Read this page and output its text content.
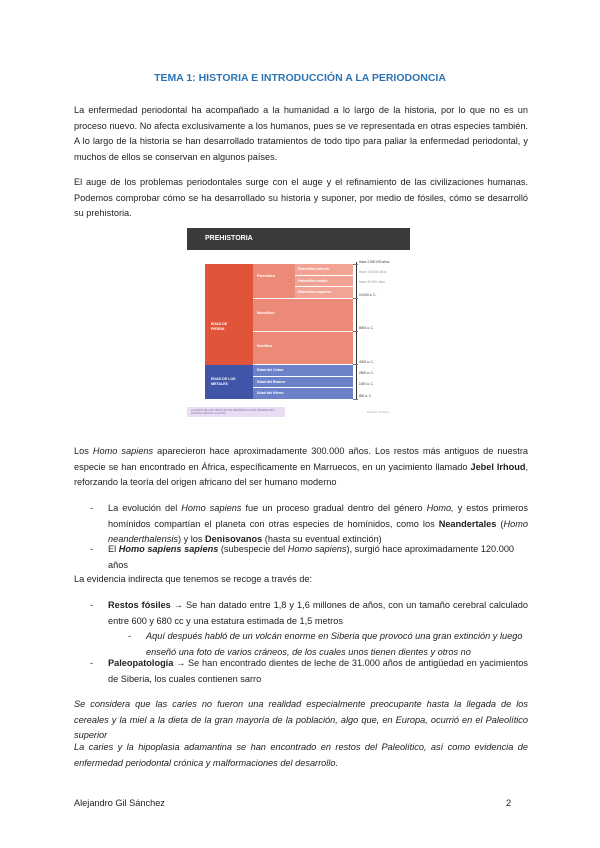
TEMA 1: HISTORIA E INTRODUCCIÓN A LA PERIODONCIA
La enfermedad periodontal ha acompañado a la humanidad a lo largo de la historia, por lo que no es un proceso nuevo. No afecta exclusivamente a los humanos, pues se ve representada en otras especies también. A lo largo de la historia se han desarrollado tratamientos de todo tipo para paliar la enfermedad periodontal, y muchos de ellos se conservan en algunos países.
El auge de los problemas periodontales surge con el auge y el refinamiento de las civilizaciones humanas. Podemos comprobar cómo se ha desarrollado su historia y suponer, por medio de fósiles, cómo se desarrolló su prehistoria.
PREHISTORIA
EDAD DE PIEDRA
Paleolítico
Paleolítico inferior
Paleolítico medio
Paleolítico superior
Mesolítico
Neolítico
EDAD DE LOS METALES
Edad del Cobre
Edad del Bronce
Edad del Hierro
Hace 2.500.000 años
Hace 150.000 años
Hace 40.000 años
10.000 a. C.
8000 a. C.
4000 a. C.
2500 a. C.
1000 a. C.
800 a. C.
LA EDAD DE LOS METALES SE DESARROLLA EN DIFERENTES FECHAS SEGÚN LA ZONA	Profesor Sobrino
Los Homo sapiens aparecieron hace aproximadamente 300.000 años. Los restos más antiguos de nuestra especie se han encontrado en África, específicamente en Marruecos, en un yacimiento llamado Jebel Irhoud, reforzando la teoría del origen africano del ser humano moderno
- La evolución del Homo sapiens fue un proceso gradual dentro del género Homo, y estos primeros homínidos compartían el planeta con otras especies de homínidos, como los Neandertales (Homo neanderthalensis) y los Denisovanos (hasta su eventual extinción)
- El Homo sapiens sapiens (subespecie del Homo sapiens), surgió hace aproximadamente 120.000 años
La evidencia indirecta que tenemos se recoge a través de:
- Restos fósiles → Se han datado entre 1,8 y 1,6 millones de años, con un tamaño cerebral calculado entre 600 y 680 cc y una estatura estimada de 1,5 metros
- Aquí después habló de un volcán enorme en Siberia que provocó una gran extinción y luego enseñó una foto de varios cráneos, de los cuales unos tienen dientes y otros no
- Paleopatología → Se han encontrado dientes de leche de 31.000 años de antigüedad en yacimientos de Siberia, los cuales contienen sarro
Se considera que las caries no fueron una realidad especialmente preocupante hasta la llegada de los cereales y la miel a la dieta de la gran mayoría de la población, algo que, en Europa, ocurrió en el Paleolítico superior
La caries y la hipoplasia adamantina se han encontrado en restos del Paleolítico, así como evidencia de enfermedad periodontal crónica y malformaciones del desarrollo.
Alejandro Gil Sánchez	2
